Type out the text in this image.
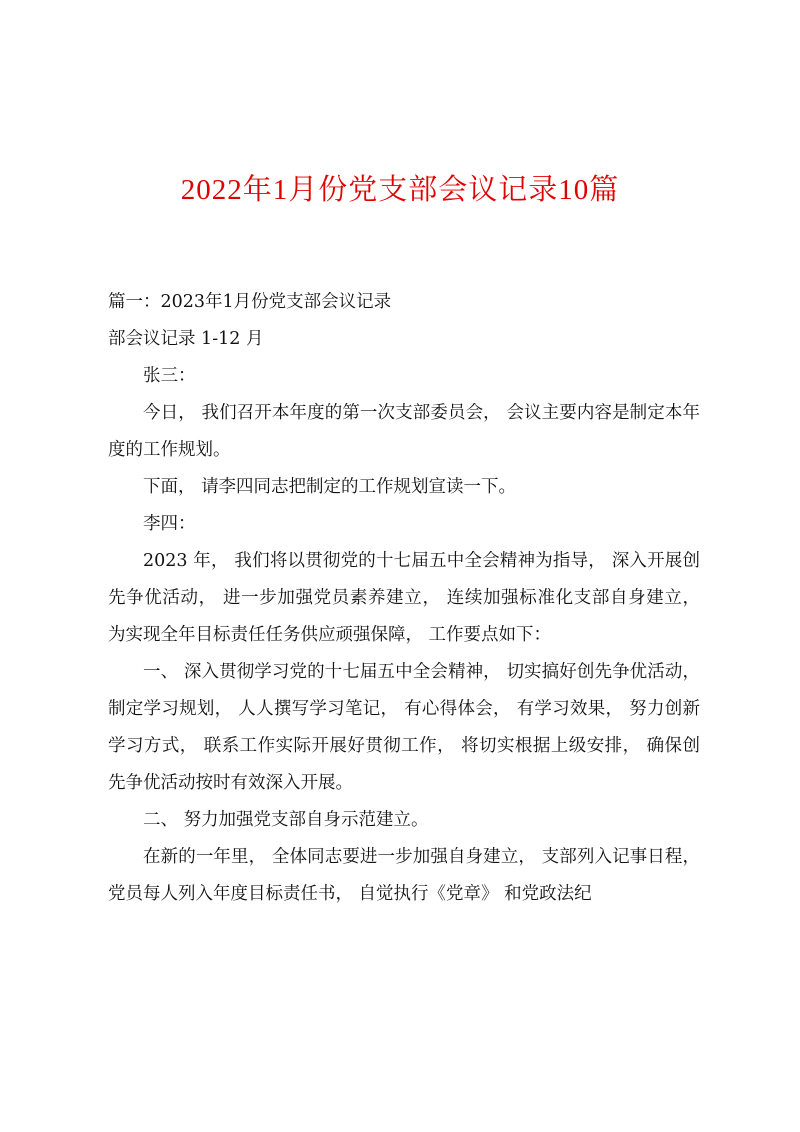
2022年1月份党支部会议记录10篇

篇一：2023年1月份党支部会议记录

部会议记录 1-12 月

张三：

今日， 我们召开本年度的第一次支部委员会， 会议主要内容是制定本年度的工作规划。

下面， 请李四同志把制定的工作规划宣读一下。

李四：

2023 年， 我们将以贯彻党的十七届五中全会精神为指导， 深入开展创先争优活动， 进一步加强党员素养建立， 连续加强标准化支部自身建立， 为实现全年目标责任任务供应顽强保障， 工作要点如下：

一、 深入贯彻学习党的十七届五中全会精神， 切实搞好创先争优活动， 制定学习规划， 人人撰写学习笔记， 有心得体会， 有学习效果， 努力创新学习方式， 联系工作实际开展好贯彻工作， 将切实根据上级安排， 确保创先争优活动按时有效深入开展。

二、 努力加强党支部自身示范建立。

在新的一年里， 全体同志要进一步加强自身建立， 支部列入记事日程， 党员每人列入年度目标责任书， 自觉执行《党章》 和党政法纪
